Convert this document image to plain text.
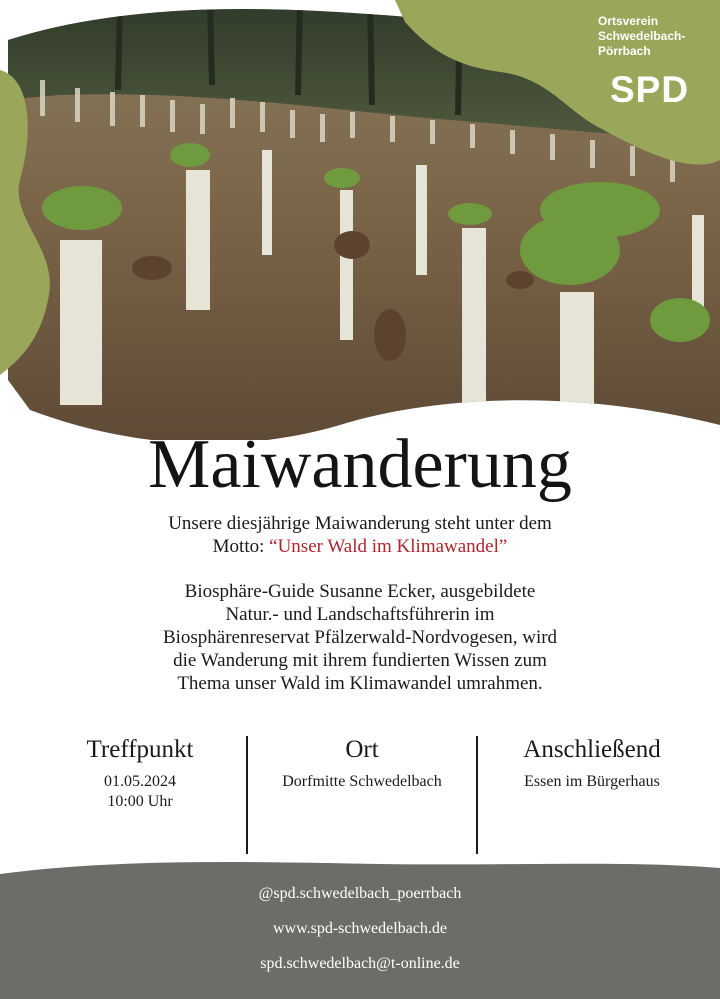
Ortsverein
Schwedelbach-
Pörrbach
SPD
Maiwanderung
Unsere diesjährige Maiwanderung steht unter dem
Motto: “Unser Wald im Klimawandel”
Biosphäre-Guide Susanne Ecker, ausgebildete
Natur.- und Landschaftsführerin im
Biosphärenreservat Pfälzerwald-Nordvogesen, wird
die Wanderung mit ihrem fundierten Wissen zum
Thema unser Wald im Klimawandel umrahmen.
Treffpunkt
01.05.2024
10:00 Uhr
Ort
Dorfmitte Schwedelbach
Anschließend
Essen im Bürgerhaus
@spd.schwedelbach_poerrbach
www.spd-schwedelbach.de
spd.schwedelbach@t-online.de
